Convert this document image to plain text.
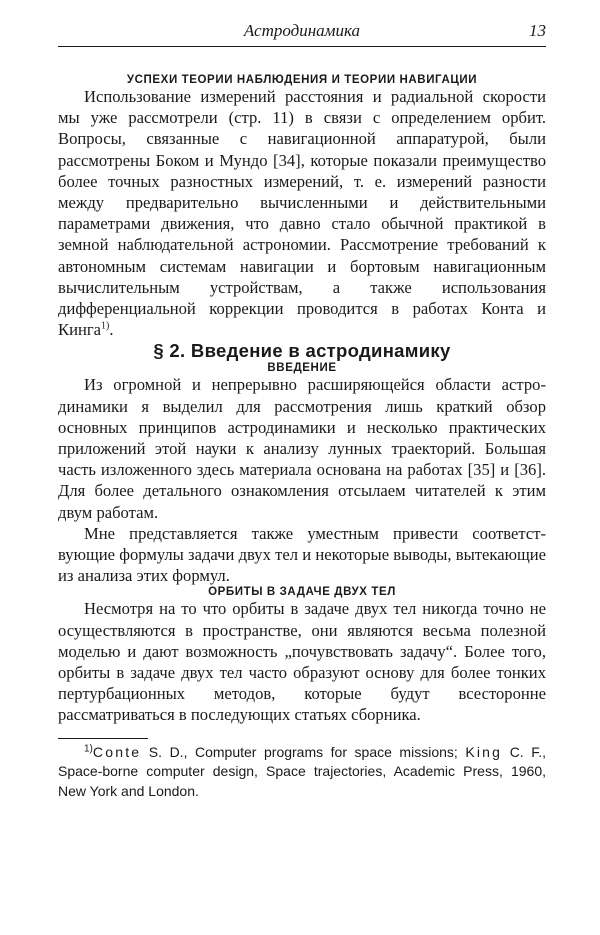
Астродинамика	13
УСПЕХИ ТЕОРИИ НАБЛЮДЕНИЯ И ТЕОРИИ НАВИГАЦИИ

Использование измерений расстояния и радиальной скорости мы уже рассмотрели (стр. 11) в связи с определением орбит. Вопросы, связанные с навигационной аппаратурой, были рассмотрены Боком и Мундо [34], которые показали преимущество более точных разностных измерений, т. е. измерений разности между предварительно вычисленными и действительными параметрами движения, что давно стало обычной практикой в земной наблюдательной астрономии. Рассмотрение требований к автономным системам навигации и бортовым навигационным вычислительным устройствам, а также использования дифференциальной коррекции проводится в работах Конта и Кинга$^{1)}$.

§ 2. Введение в астродинамику
ВВЕДЕНИЕ

Из огромной и непрерывно расширяющейся области астродинамики я выделил для рассмотрения лишь краткий обзор основных принципов астродинамики и несколько практических приложений этой науки к анализу лунных траекторий. Большая часть изложенного здесь материала основана на работах [35] и [36]. Для более детального ознакомления отсылаем читателей к этим двум работам.

Мне представляется также уместным привести соответствующие формулы задачи двух тел и некоторые выводы, вытекающие из анализа этих формул.

ОРБИТЫ В ЗАДАЧЕ ДВУХ ТЕЛ

Несмотря на то что орбиты в задаче двух тел никогда точно не осуществляются в пространстве, они являются весьма полезной моделью и дают возможность „почувствовать задачу“. Более того, орбиты в задаче двух тел часто образуют основу для более тонких пертурбационных методов, которые будут всесторонне рассматриваться в последующих статьях сборника.

$^{1)}$Conte S. D., Computer programs for space missions; King C. F., Space-borne computer design, Space trajectories, Academic Press, 1960, New York and London.
